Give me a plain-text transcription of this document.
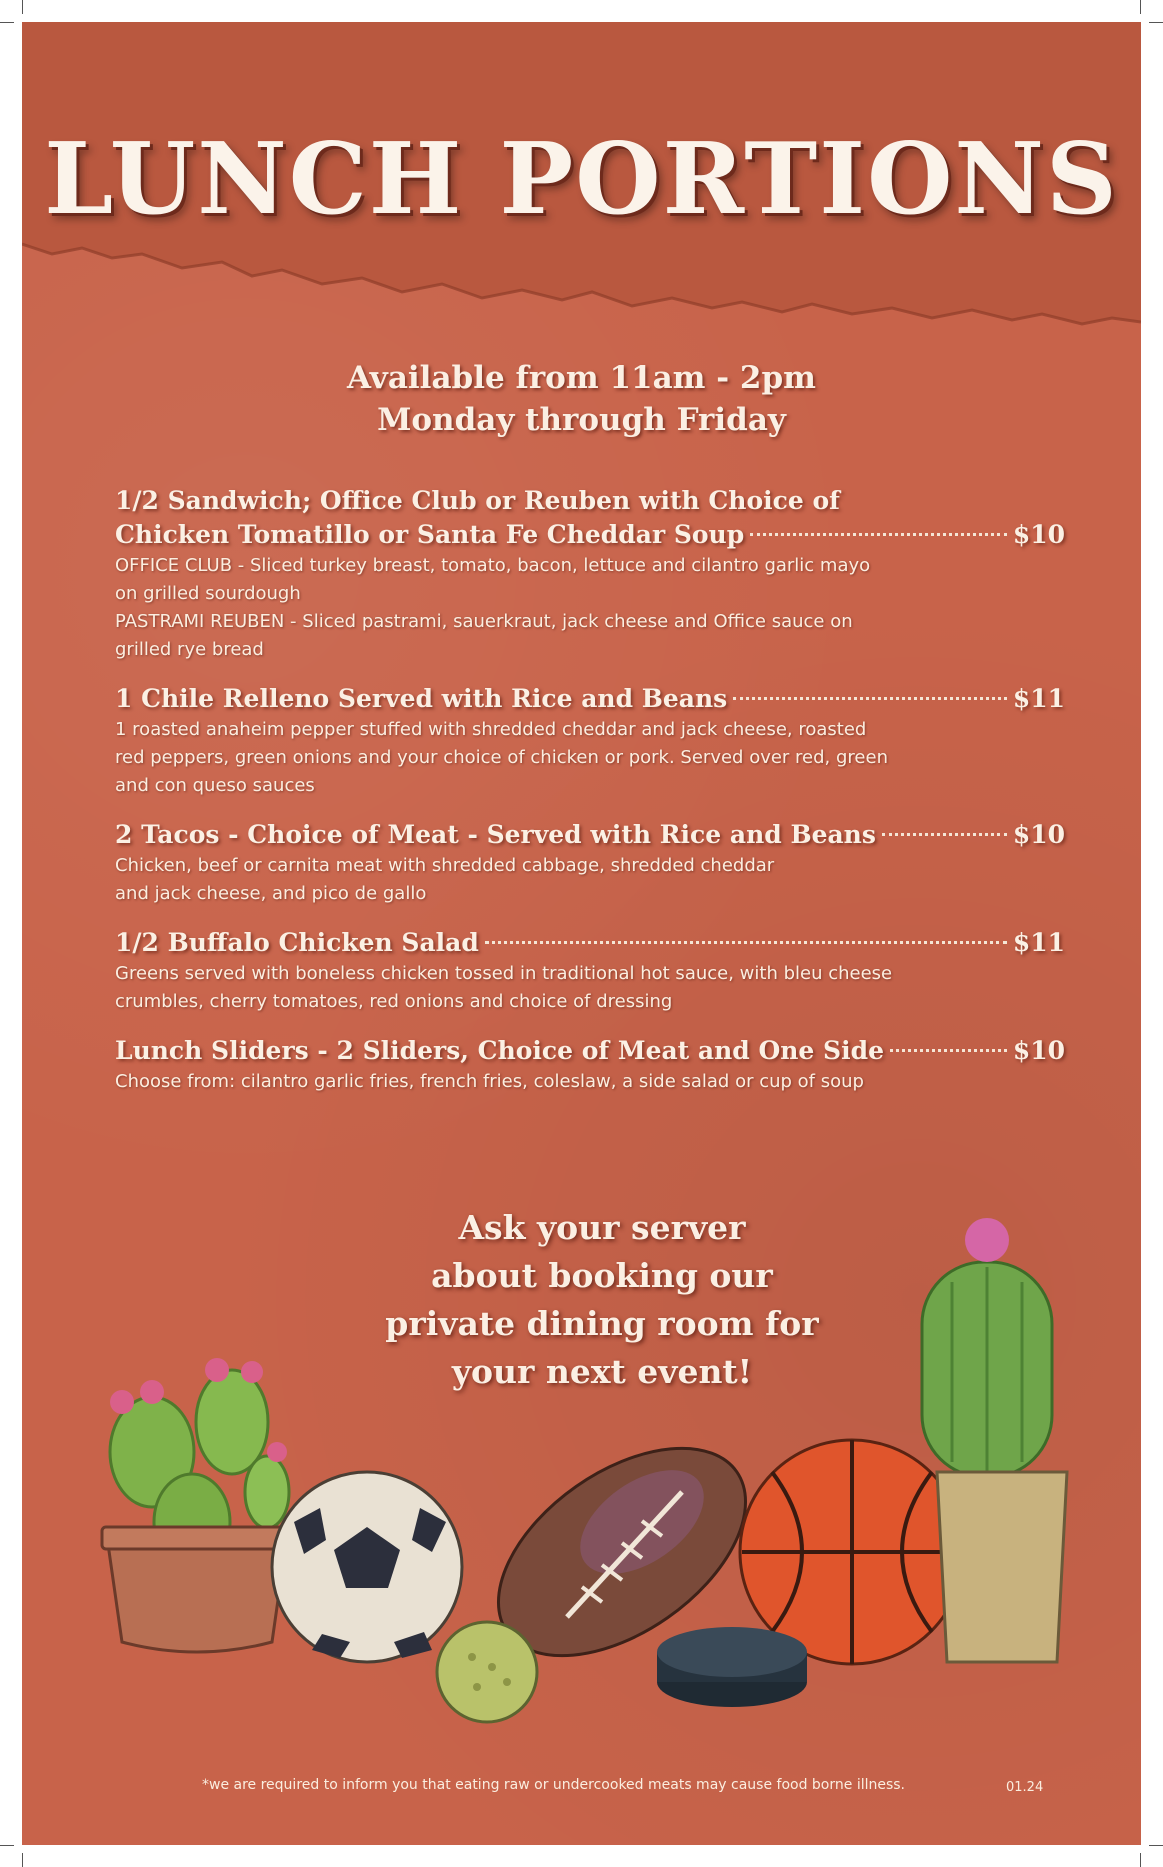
LUNCH PORTIONS
Available from 11am - 2pm
Monday through Friday
1/2 Sandwich; Office Club or Reuben with Choice of
Chicken Tomatillo or Santa Fe Cheddar Soup	$10
OFFICE CLUB - Sliced turkey breast, tomato, bacon, lettuce and cilantro garlic mayo
on grilled sourdough
PASTRAMI REUBEN - Sliced pastrami, sauerkraut, jack cheese and Office sauce on
grilled rye bread
1 Chile Relleno Served with Rice and Beans	$11
1 roasted anaheim pepper stuffed with shredded cheddar and jack cheese, roasted
red peppers, green onions and your choice of chicken or pork. Served over red, green
and con queso sauces
2 Tacos - Choice of Meat - Served with Rice and Beans	$10
Chicken, beef or carnita meat with shredded cabbage, shredded cheddar
and jack cheese, and pico de gallo
1/2 Buffalo Chicken Salad	$11
Greens served with boneless chicken tossed in traditional hot sauce, with bleu cheese
crumbles, cherry tomatoes, red onions and choice of dressing
Lunch Sliders - 2 Sliders, Choice of Meat and One Side	$10
Choose from: cilantro garlic fries, french fries, coleslaw, a side salad or cup of soup
Ask your server
about booking our
private dining room for
your next event!
*we are required to inform you that eating raw or undercooked meats may cause food borne illness.	01.24
